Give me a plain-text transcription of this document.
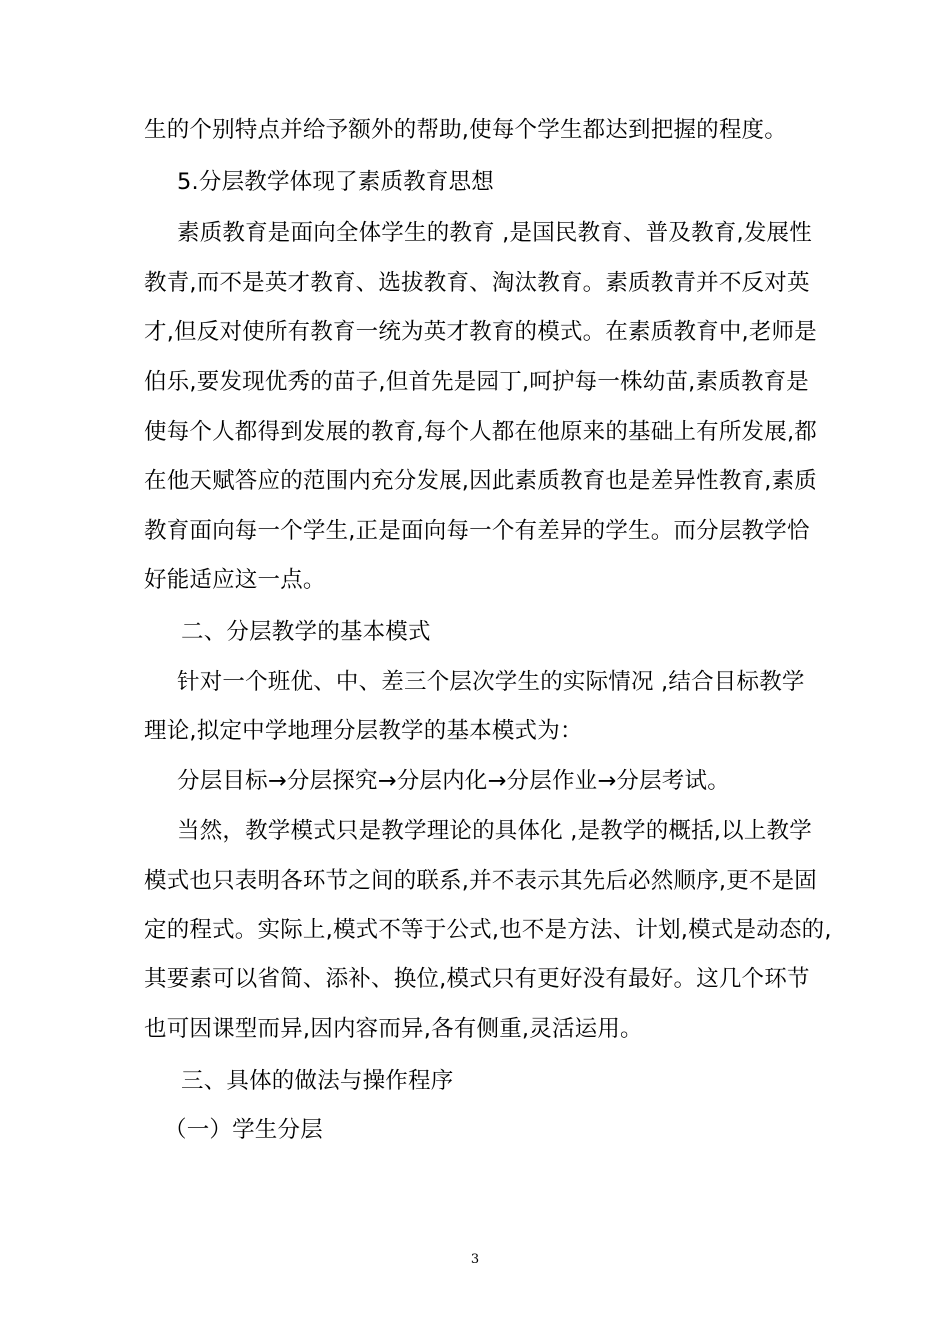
生的个别特点并给予额外的帮助,使每个学生都达到把握的程度。
5.分层教学体现了素质教育思想
素质教育是面向全体学生的教育 ,是国民教育、普及教育,发展性
教青,而不是英才教育、选拔教育、淘汰教育。素质教青并不反对英
才,但反对使所有教育一统为英才教育的模式。在素质教育中,老师是
伯乐,要发现优秀的苗子,但首先是园丁,呵护每一株幼苗,素质教育是
使每个人都得到发展的教育,每个人都在他原来的基础上有所发展,都
在他天赋答应的范围内充分发展,因此素质教育也是差异性教育,素质
教育面向每一个学生,正是面向每一个有差异的学生。而分层教学恰
好能适应这一点。
二、分层教学的基本模式
针对一个班优、中、差三个层次学生的实际情况 ,结合目标教学
理论,拟定中学地理分层教学的基本模式为：
分层目标→分层探究→分层内化→分层作业→分层考试。
当然，教学模式只是教学理论的具体化 ,是教学的概括,以上教学
模式也只表明各环节之间的联系,并不表示其先后必然顺序,更不是固
定的程式。实际上,模式不等于公式,也不是方法、计划,模式是动态的,
其要素可以省简、添补、换位,模式只有更好没有最好。这几个环节
也可因课型而异,因内容而异,各有侧重,灵活运用。
三、具体的做法与操作程序
（一）学生分层
3
